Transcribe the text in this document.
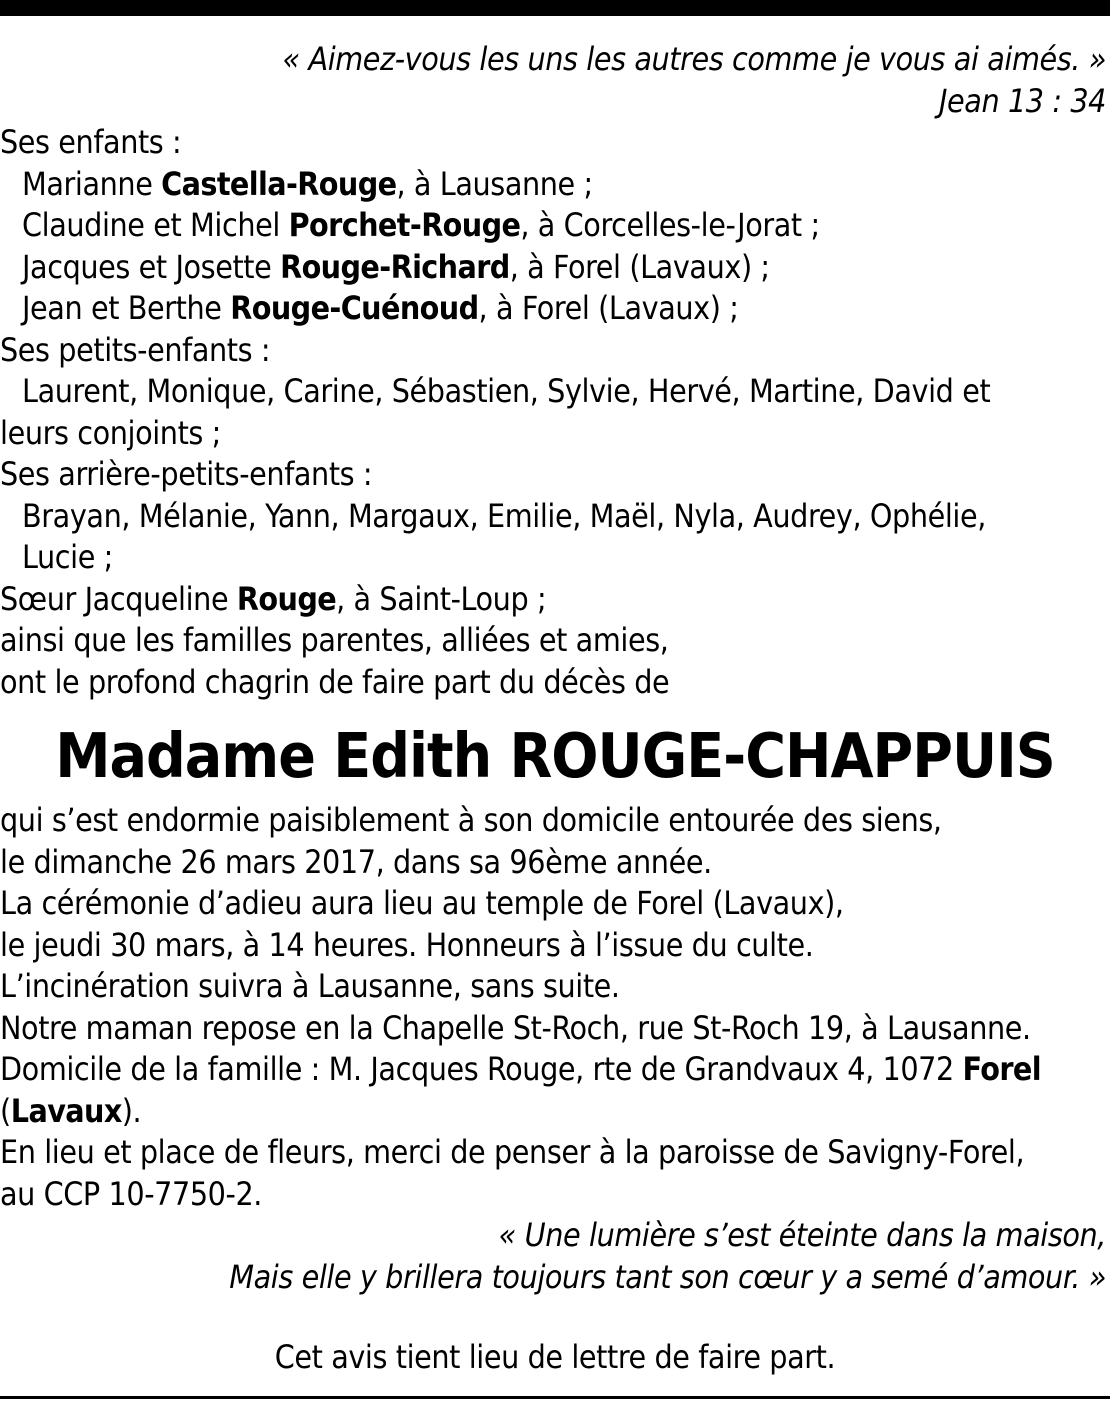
« Aimez-vous les uns les autres comme je vous ai aimés. »
Jean 13 : 34
Ses enfants :
Marianne Castella-Rouge, à Lausanne ;
Claudine et Michel Porchet-Rouge, à Corcelles-le-Jorat ;
Jacques et Josette Rouge-Richard, à Forel (Lavaux) ;
Jean et Berthe Rouge-Cuénoud, à Forel (Lavaux) ;
Ses petits-enfants :
Laurent, Monique, Carine, Sébastien, Sylvie, Hervé, Martine, David et
leurs conjoints ;
Ses arrière-petits-enfants :
Brayan, Mélanie, Yann, Margaux, Emilie, Maël, Nyla, Audrey, Ophélie,
Lucie ;
Sœur Jacqueline Rouge, à Saint-Loup ;
ainsi que les familles parentes, alliées et amies,
ont le profond chagrin de faire part du décès de
Madame Edith ROUGE-CHAPPUIS
qui s’est endormie paisiblement à son domicile entourée des siens,
le dimanche 26 mars 2017, dans sa 96ème année.
La cérémonie d’adieu aura lieu au temple de Forel (Lavaux),
le jeudi 30 mars, à 14 heures. Honneurs à l’issue du culte.
L’incinération suivra à Lausanne, sans suite.
Notre maman repose en la Chapelle St-Roch, rue St-Roch 19, à Lausanne.
Domicile de la famille : M. Jacques Rouge, rte de Grandvaux 4, 1072 Forel
(Lavaux).
En lieu et place de fleurs, merci de penser à la paroisse de Savigny-Forel,
au CCP 10-7750-2.
« Une lumière s’est éteinte dans la maison,
Mais elle y brillera toujours tant son cœur y a semé d’amour. »
Cet avis tient lieu de lettre de faire part.
